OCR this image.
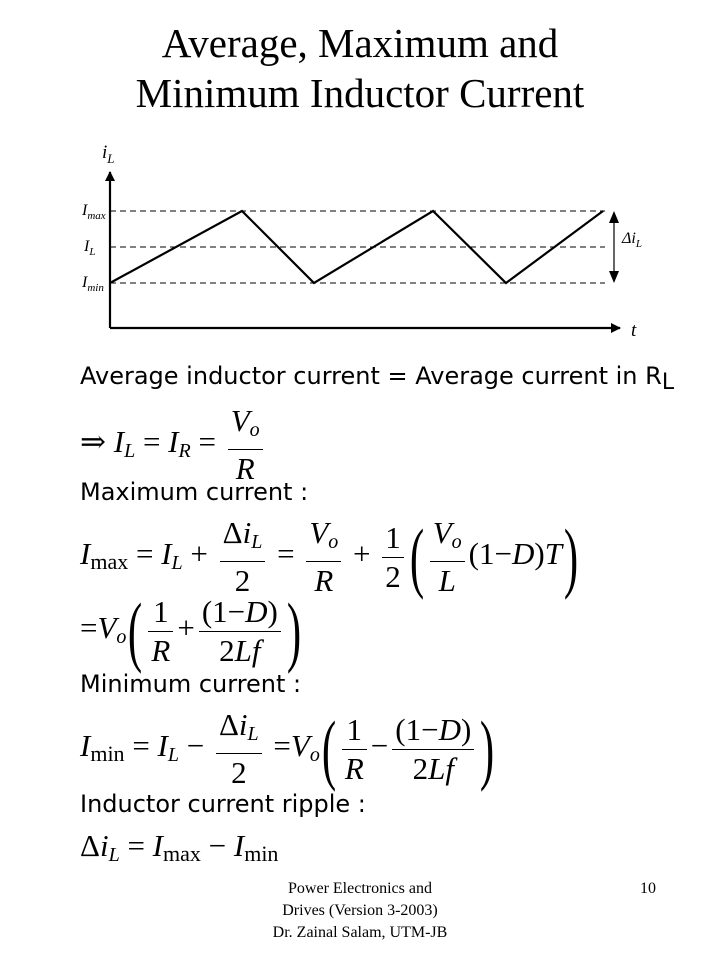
Average, Maximum and
Minimum Inductor Current
$i_L$
t
$I_{max}$
$I_L$
$I_{min}$
$\Delta i_L$
Average inductor current = Average current in $R_L$
⇒ $I_L = I_R = \frac{V_o}{R}$
Maximum current :
$I_{max} = I_L + \frac{\Delta i_L}{2} = \frac{V_o}{R} + \frac{1}{2}$ ( $\frac{V_o}{L} (1-D)T$)
$=V_o( \frac{1}{R} + \frac{(1-D)}{2Lf}$ )
Minimum current :
$I_{min} = I_L - \frac{\Delta i_L}{2} =V_o( \frac{1}{R} - \frac{(1-D)}{2Lf}$ )
Inductor current ripple :
$\Delta i_L = I_{max} - I_{min}$
Power Electronics and
Drives (Version 3-2003)
Dr. Zainal Salam, UTM-JB
10
